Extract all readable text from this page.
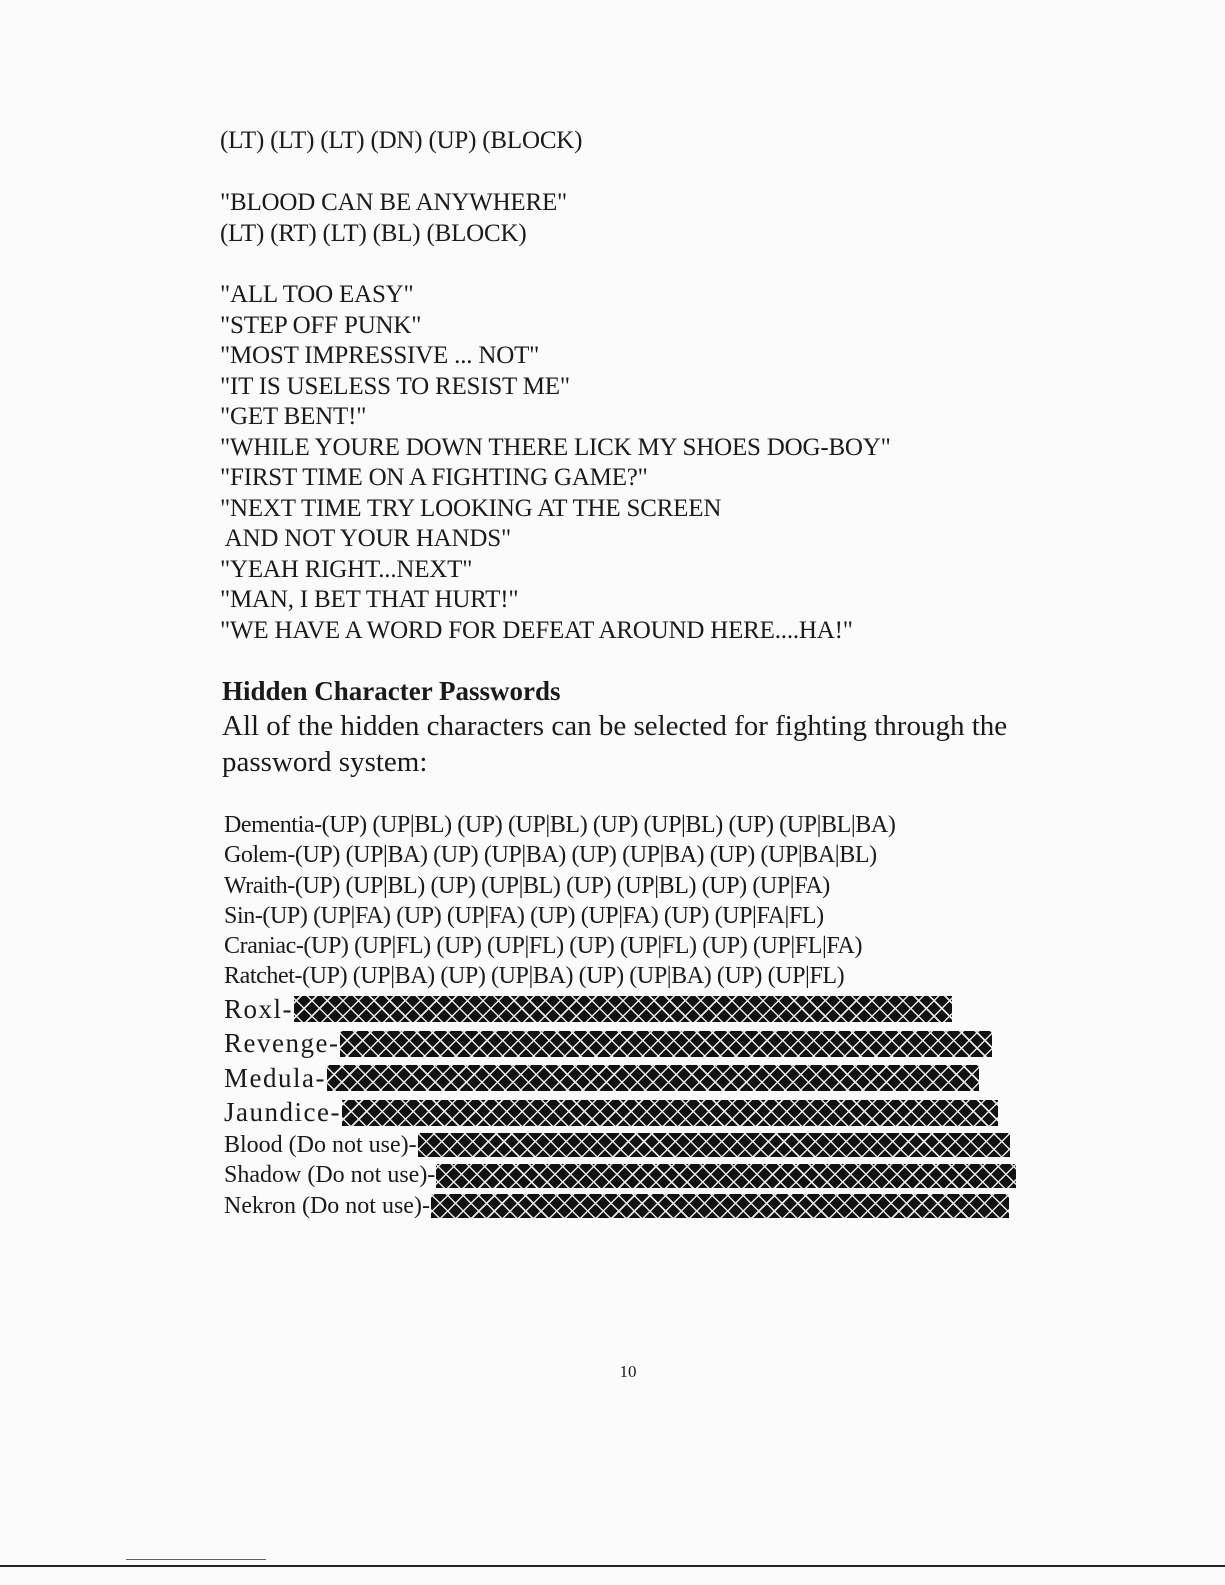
(LT) (LT) (LT) (DN) (UP) (BLOCK)
"BLOOD CAN BE ANYWHERE"
(LT) (RT) (LT) (BL) (BLOCK)
"ALL TOO EASY"
"STEP OFF PUNK"
"MOST IMPRESSIVE ... NOT"
"IT IS USELESS TO RESIST ME"
"GET BENT!"
"WHILE YOURE DOWN THERE LICK MY SHOES DOG-BOY"
"FIRST TIME ON A FIGHTING GAME?"
"NEXT TIME TRY LOOKING AT THE SCREEN
AND NOT YOUR HANDS"
"YEAH RIGHT...NEXT"
"MAN, I BET THAT HURT!"
"WE HAVE A WORD FOR DEFEAT AROUND HERE....HA!"
Hidden Character Passwords
All of the hidden characters can be selected for fighting through the password system:
Dementia-(UP) (UP|BL) (UP) (UP|BL) (UP) (UP|BL) (UP) (UP|BL|BA)
Golem-(UP) (UP|BA) (UP) (UP|BA) (UP) (UP|BA) (UP) (UP|BA|BL)
Wraith-(UP) (UP|BL) (UP) (UP|BL) (UP) (UP|BL) (UP) (UP|FA)
Sin-(UP) (UP|FA) (UP) (UP|FA) (UP) (UP|FA) (UP) (UP|FA|FL)
Craniac-(UP) (UP|FL) (UP) (UP|FL) (UP) (UP|FL) (UP) (UP|FL|FA)
Ratchet-(UP) (UP|BA) (UP) (UP|BA) (UP) (UP|BA) (UP) (UP|FL)
Roxl-
Revenge-
Medula-
Jaundice-
Blood (Do not use)-
Shadow (Do not use)-
Nekron (Do not use)-
10
